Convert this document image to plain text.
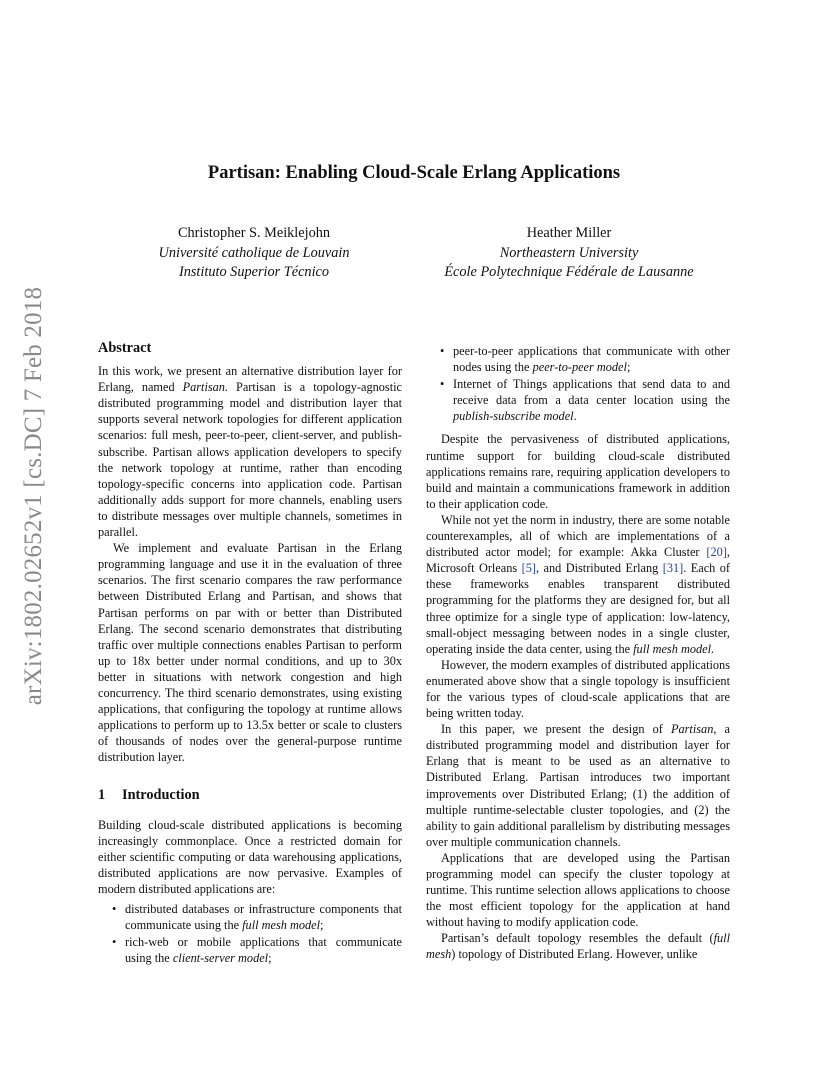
arXiv:1802.02652v1 [cs.DC] 7 Feb 2018
Partisan: Enabling Cloud-Scale Erlang Applications
Christopher S. Meiklejohn
Université catholique de Louvain
Instituto Superior Técnico
Heather Miller
Northeastern University
École Polytechnique Fédérale de Lausanne
Abstract

In this work, we present an alternative distribution layer for Erlang, named Partisan. Partisan is a topology-agnostic distributed programming model and distribution layer that supports several network topologies for different application scenarios: full mesh, peer-to-peer, client-server, and publish-subscribe. Partisan allows application developers to specify the network topology at runtime, rather than encoding topology-specific concerns into application code. Partisan additionally adds support for more channels, enabling users to distribute messages over multiple channels, sometimes in parallel.

We implement and evaluate Partisan in the Erlang programming language and use it in the evaluation of three scenarios. The first scenario compares the raw performance between Distributed Erlang and Partisan, and shows that Partisan performs on par with or better than Distributed Erlang. The second scenario demonstrates that distributing traffic over multiple connections enables Partisan to perform up to 18x better under normal conditions, and up to 30x better in situations with network congestion and high concurrency. The third scenario demonstrates, using existing applications, that configuring the topology at runtime allows applications to perform up to 13.5x better or scale to clusters of thousands of nodes over the general-purpose runtime distribution layer.

1 Introduction

Building cloud-scale distributed applications is becoming increasingly commonplace. Once a restricted domain for either scientific computing or data warehousing applications, distributed applications are now pervasive. Examples of modern distributed applications are:

• distributed databases or infrastructure components that communicate using the full mesh model;
• rich-web or mobile applications that communicate using the client-server model;
• peer-to-peer applications that communicate with other nodes using the peer-to-peer model;
• Internet of Things applications that send data to and receive data from a data center location using the publish-subscribe model.

Despite the pervasiveness of distributed applications, runtime support for building cloud-scale distributed applications remains rare, requiring application developers to build and maintain a communications framework in addition to their application code.

While not yet the norm in industry, there are some notable counterexamples, all of which are implementations of a distributed actor model; for example: Akka Cluster [20], Microsoft Orleans [5], and Distributed Erlang [31]. Each of these frameworks enables transparent distributed programming for the platforms they are designed for, but all three optimize for a single type of application: low-latency, small-object messaging between nodes in a single cluster, operating inside the data center, using the full mesh model.

However, the modern examples of distributed applications enumerated above show that a single topology is insufficient for the various types of cloud-scale applications that are being written today.

In this paper, we present the design of Partisan, a distributed programming model and distribution layer for Erlang that is meant to be used as an alternative to Distributed Erlang. Partisan introduces two important improvements over Distributed Erlang; (1) the addition of multiple runtime-selectable cluster topologies, and (2) the ability to gain additional parallelism by distributing messages over multiple communication channels.

Applications that are developed using the Partisan programming model can specify the cluster topology at runtime. This runtime selection allows applications to choose the most efficient topology for the application at hand without having to modify application code.

Partisan’s default topology resembles the default (full mesh) topology of Distributed Erlang. However, unlike
